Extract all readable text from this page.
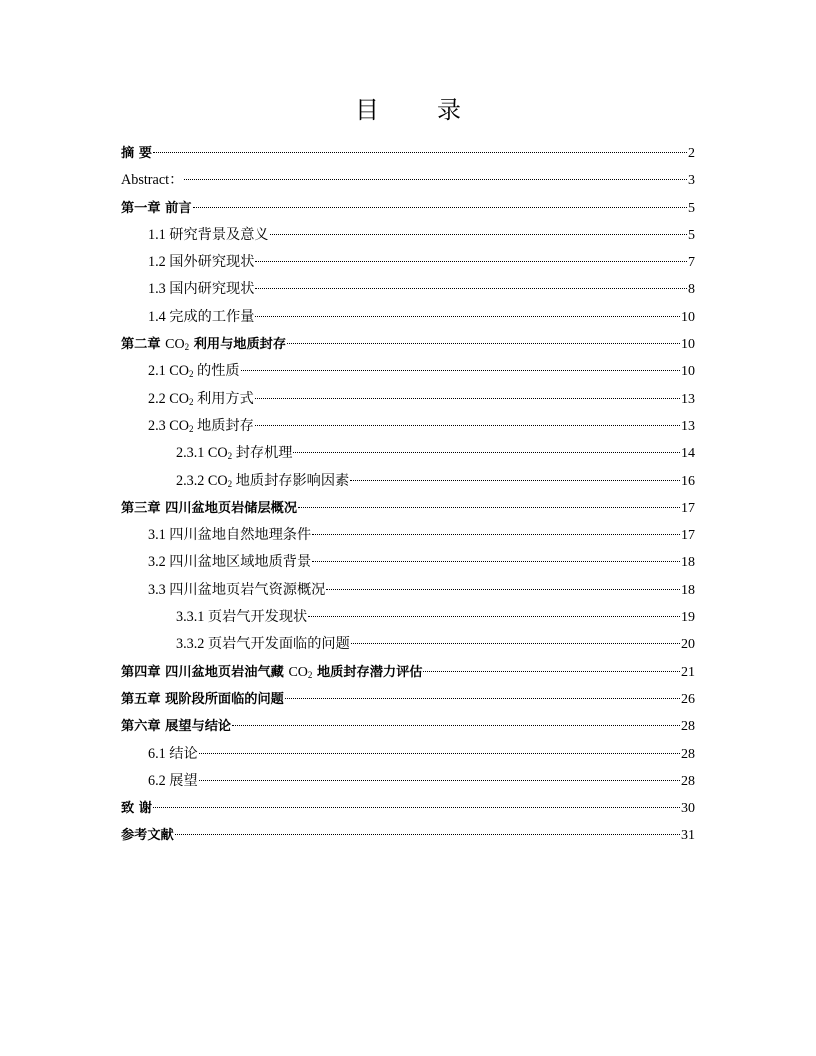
目 录
摘 要	2
Abstract：	3
第一章 前言	5
1.1 研究背景及意义	5
1.2 国外研究现状	7
1.3 国内研究现状	8
1.4 完成的工作量	10
第二章 $CO_2$ 利用与地质封存	10
2.1 $CO_2$ 的性质	10
2.2 $CO_2$ 利用方式	13
2.3 $CO_2$ 地质封存	13
2.3.1 $CO_2$ 封存机理	14
2.3.2 $CO_2$ 地质封存影响因素	16
第三章 四川盆地页岩储层概况	17
3.1 四川盆地自然地理条件	17
3.2 四川盆地区域地质背景	18
3.3 四川盆地页岩气资源概况	18
3.3.1 页岩气开发现状	19
3.3.2 页岩气开发面临的问题	20
第四章 四川盆地页岩油气藏 $CO_2$ 地质封存潜力评估	21
第五章 现阶段所面临的问题	26
第六章 展望与结论	28
6.1 结论	28
6.2 展望	28
致 谢	30
参考文献	31
